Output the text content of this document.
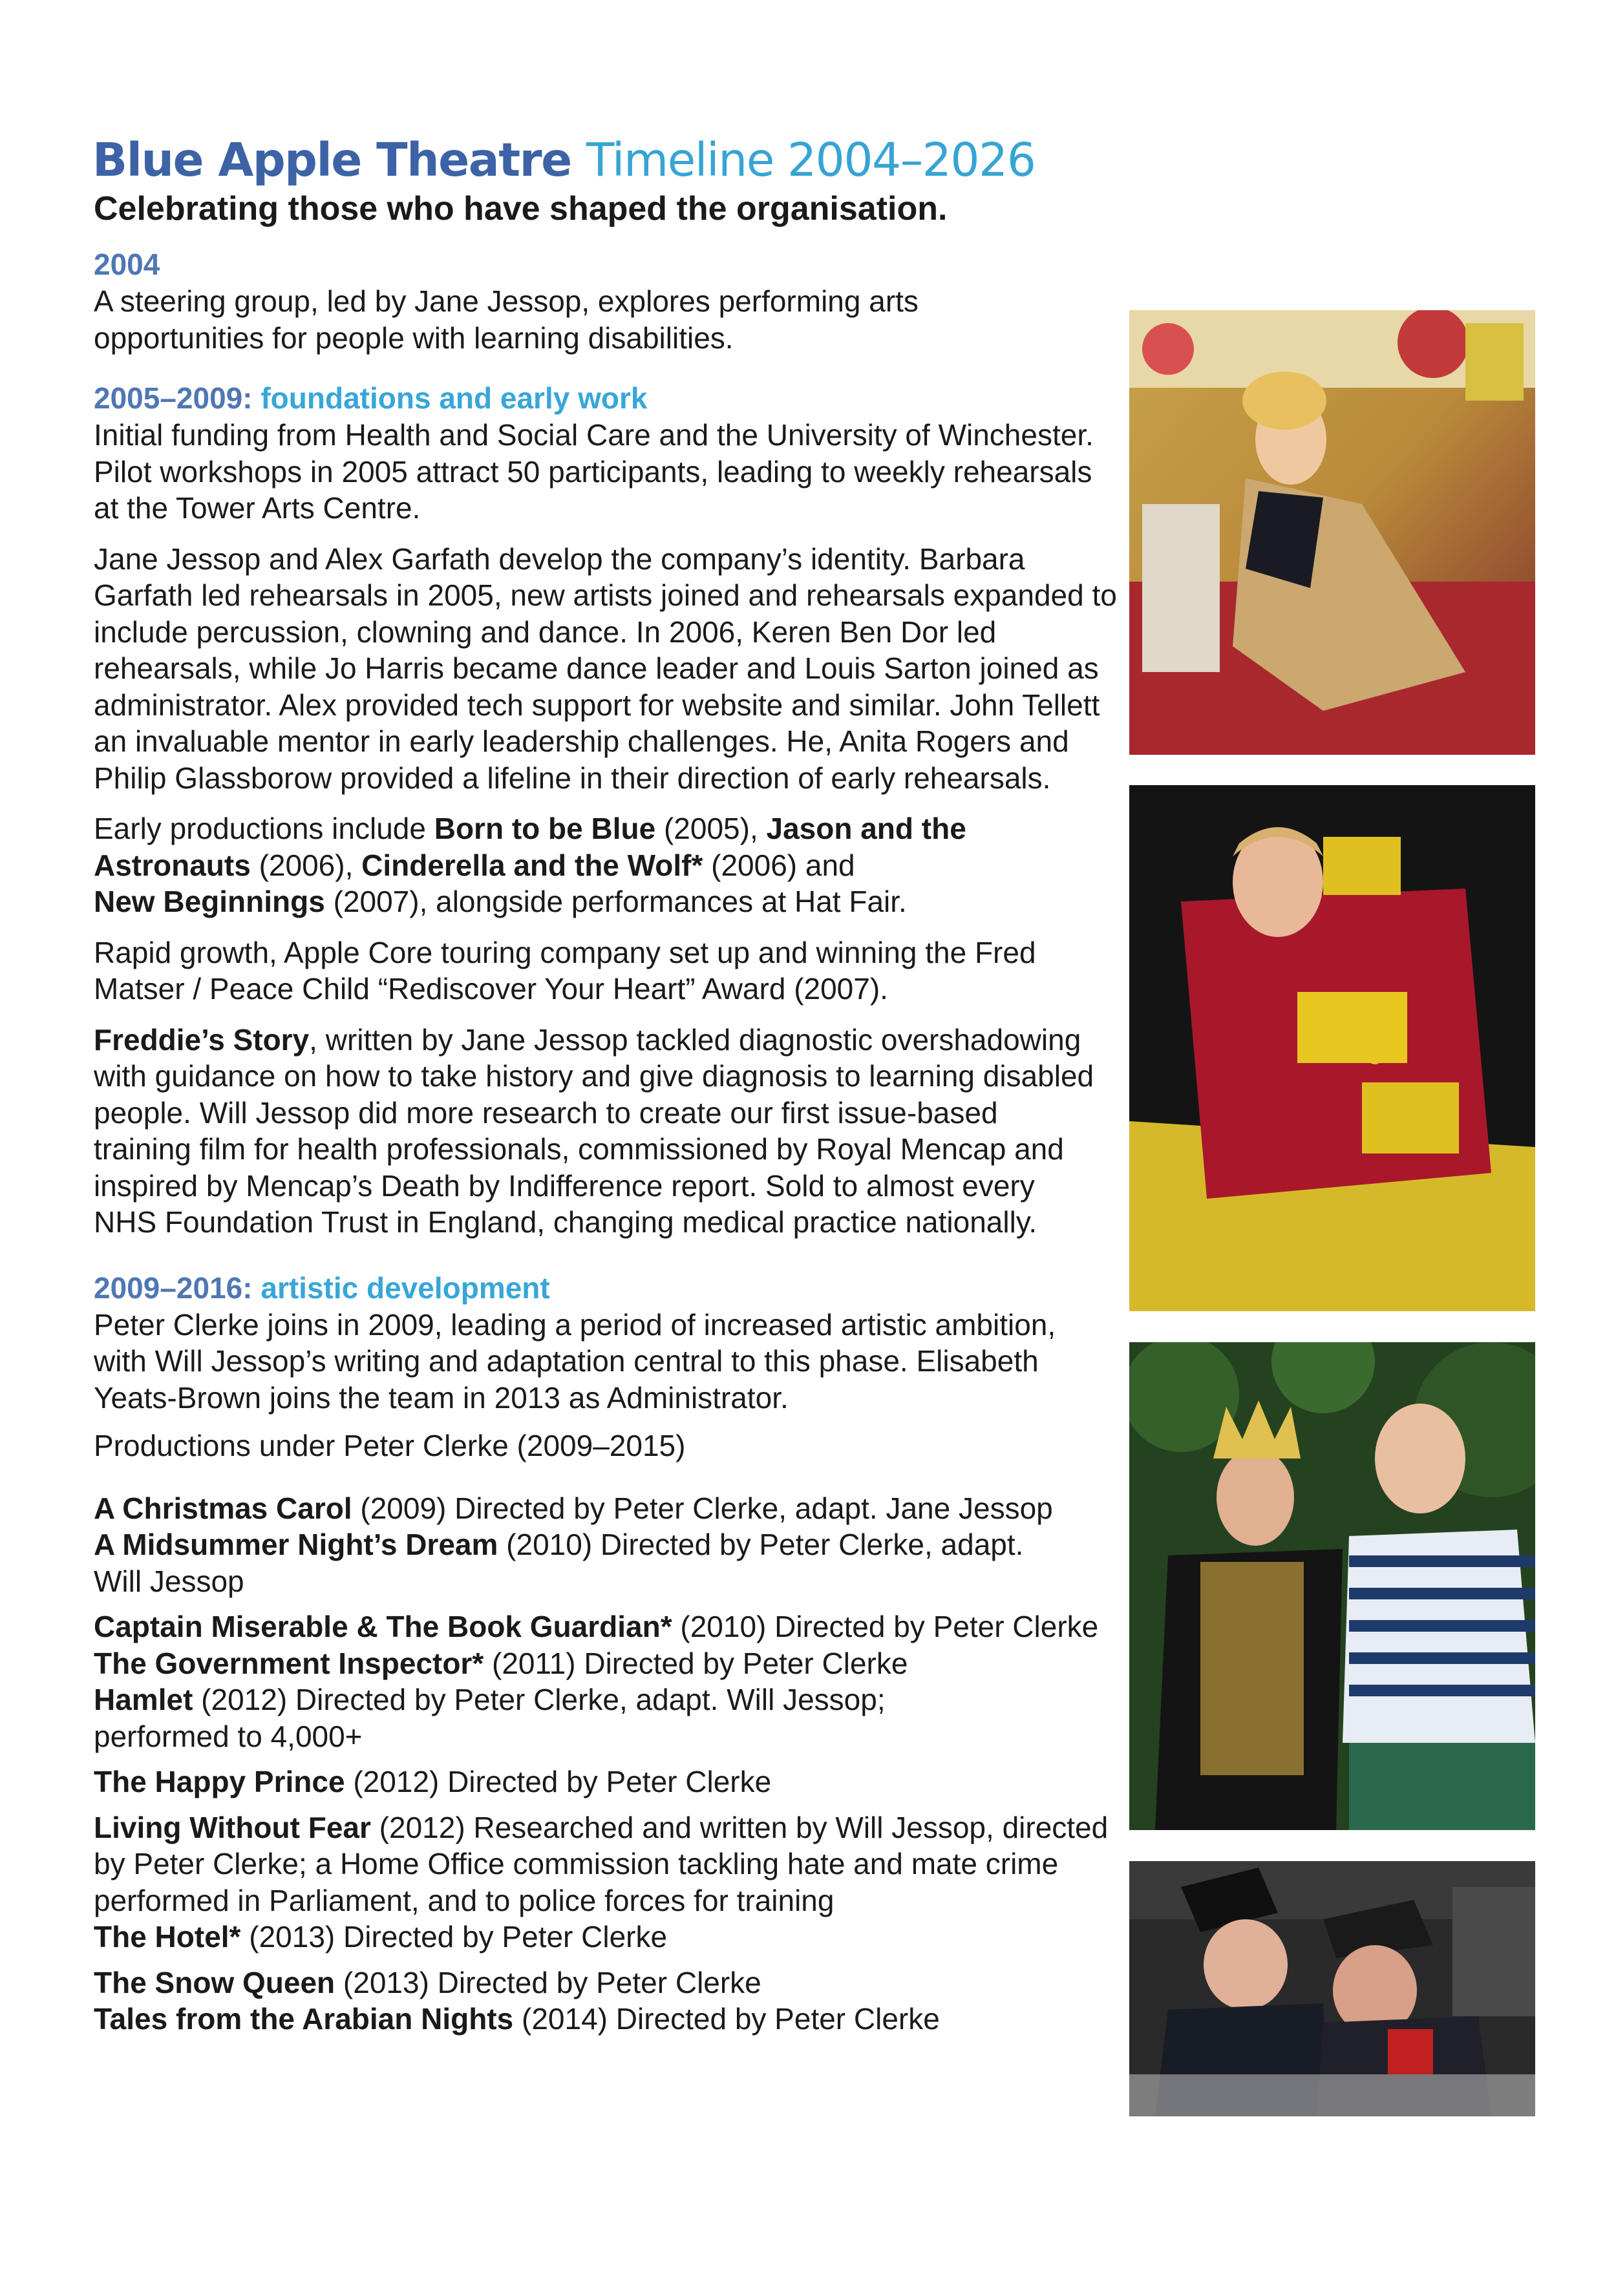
Blue Apple Theatre Timeline 2004–2026
Celebrating those who have shaped the organisation.

2004

A steering group, led by Jane Jessop, explores performing arts opportunities for people with learning disabilities.

2005–2009: foundations and early work

Initial funding from Health and Social Care and the University of Winchester. Pilot workshops in 2005 attract 50 participants, leading to weekly rehearsals at the Tower Arts Centre.

Jane Jessop and Alex Garfath develop the company’s identity. Barbara Garfath led rehearsals in 2005, new artists joined and rehearsals expanded to include percussion, clowning and dance. In 2006, Keren Ben Dor led rehearsals, while Jo Harris became dance leader and Louis Sarton joined as administrator. Alex provided tech support for website and similar. John Tellett an invaluable mentor in early leadership challenges. He, Anita Rogers and Philip Glassborow provided a lifeline in their direction of early rehearsals.

Early productions include Born to be Blue (2005), Jason and the Astronauts (2006), Cinderella and the Wolf* (2006) and
New Beginnings (2007), alongside performances at Hat Fair.

Rapid growth, Apple Core touring company set up and winning the Fred Matser / Peace Child “Rediscover Your Heart” Award (2007).

Freddie’s Story, written by Jane Jessop tackled diagnostic overshadowing with guidance on how to take history and give diagnosis to learning disabled people. Will Jessop did more research to create our first issue-based training film for health professionals, commissioned by Royal Mencap and inspired by Mencap’s Death by Indifference report. Sold to almost every NHS Foundation Trust in England, changing medical practice nationally.

2009–2016: artistic development

Peter Clerke joins in 2009, leading a period of increased artistic ambition, with Will Jessop’s writing and adaptation central to this phase. Elisabeth Yeats-Brown joins the team in 2013 as Administrator.

Productions under Peter Clerke (2009–2015)

A Christmas Carol (2009) Directed by Peter Clerke, adapt. Jane Jessop

A Midsummer Night’s Dream (2010) Directed by Peter Clerke, adapt. Will Jessop

Captain Miserable & The Book Guardian* (2010) Directed by Peter Clerke

The Government Inspector* (2011) Directed by Peter Clerke

Hamlet (2012) Directed by Peter Clerke, adapt. Will Jessop; performed to 4,000+

The Happy Prince (2012) Directed by Peter Clerke

Living Without Fear (2012) Researched and written by Will Jessop, directed by Peter Clerke; a Home Office commission tackling hate and mate crime performed in Parliament, and to police forces for training

The Hotel* (2013) Directed by Peter Clerke

The Snow Queen (2013) Directed by Peter Clerke

Tales from the Arabian Nights (2014) Directed by Peter Clerke
